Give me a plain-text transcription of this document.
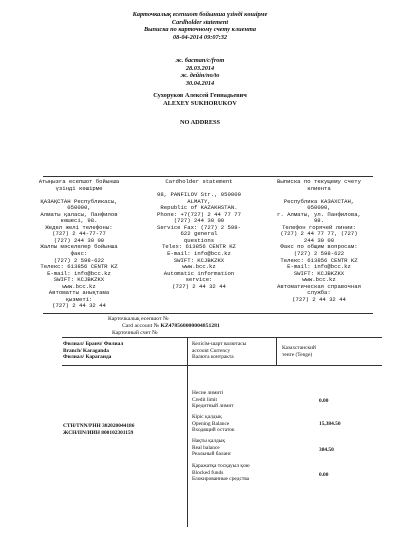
Карточкалық есепшот бойынша үзінді көшірме
Cardholder statement
Выписка по карточному счету клиента
08-04-2014 09:07:32
ж. бастап/c/from
28.03.2014
ж. дейін/по/to
30.04.2014
Сухоруков Алексей Геннадьевич
ALEXEY SUKHORUKOV
NO ADDRESS
Атыңызға есепшот бойынша
үзінді көшірме

ҚАЗАҚСТАН Республикасы,
050000,
Алматы қаласы, Панфилов
көшесі, 98.
Жедел желі телефоны:
(727) 2 44-77-77
(727) 244 30 00
Жалпы мәселелер бойынша
факс:
(727) 2 598-622
Телекс: 613856 CENTR KZ
E-mail: info@bcc.kz
SWIFT: KCJBKZKX
www.bcc.kz
Автоматты анықтама
қызметі:
(727) 2 44 32 44
Cardholder statement

98, PANFILOV Str., 050000
ALMATY,
Republic of KAZAKHSTAN.
Phone: +7(727) 2 44 77 77
(727) 244 30 00
Service Fax: (727) 2 598-
622 general
questions
Telex: 613856 CENTR KZ
E-mail: info@bcc.kz
SWIFT: KCJBKZKX
www.bcc.kz
Automatic information
service:
(727) 2 44 32 44
Выписка по текущему счету
клиента

Республика КАЗАХСТАН,
050000,
г. Алматы, ул. Панфилова,
98.
Телефон горячей линии:
(727) 2 44 77 77, (727)
244 30 00
Факс по общим вопросам:
(727) 2 598-622
Телекс: 613856 CENTR KZ
E-mail: info@bcc.kz
SWIFT: KCJBKZKX
www.bcc.kz
Автоматическая справочная
служба:
(727) 2 44 32 44
Карточкалық есепшот №
Card account № KZ478560000004851281
Карточный счет №
Филиал/ Бранч/ Филиал
Branch/ Karaganda
Филиал/ Караганда
Келісім-шарт валютасы
аccount Currency
Валюта контракта
Казахстанский
тенге (Tenge)
СТН/TNN/РНН 302020044186
ЖСН/IIN/ИИН 800102301159
Несие лимиті
Credit limit
Кредитный лимит
0.00
Кіріс қалдық
Opening Balance
Входящий остаток
15,384.50
Нақты қалдық
Real balance
Реальный баланс
384.50
Қаражатқа тосқауыл қою
Blocked funds
Блокированные средства
0.00
